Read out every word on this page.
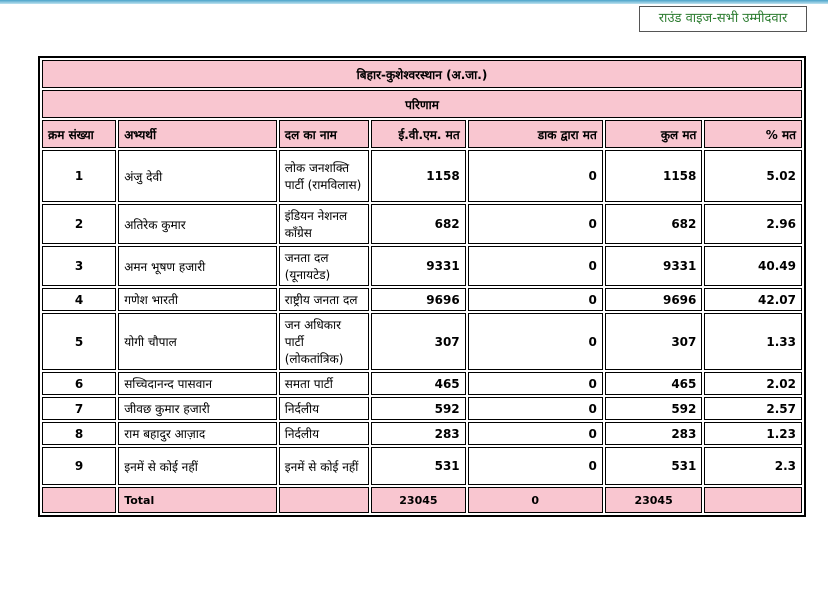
राउंड वाइज-सभी उम्मीदवार
बिहार-कुशेश्वरस्थान (अ.जा.)						
परिणाम						
क्रम संख्या	अभ्यर्थी	दल का नाम	ई.वी.एम. मत	डाक द्वारा मत	कुल मत	% मत
1	अंजु देवी	लोक जनशक्ति पार्टी (रामविलास)	1158	0	1158	5.02
2	अतिरेक कुमार	इंडियन नेशनल कॉंग्रेस	682	0	682	2.96
3	अमन भूषण हजारी	जनता दल (यूनायटेड)	9331	0	9331	40.49
4	गणेश भारती	राष्ट्रीय जनता दल	9696	0	9696	42.07
5	योगी चौपाल	जन अधिकार पार्टी (लोकतांत्रिक)	307	0	307	1.33
6	सच्चिदानन्द पासवान	समता पार्टी	465	0	465	2.02
7	जीवछ कुमार हजारी	निर्दलीय	592	0	592	2.57
8	राम बहादुर आज़ाद	निर्दलीय	283	0	283	1.23
9	इनमें से कोई नहीं	इनमें से कोई नहीं	531	0	531	2.3
	Total		23045	0	23045	
